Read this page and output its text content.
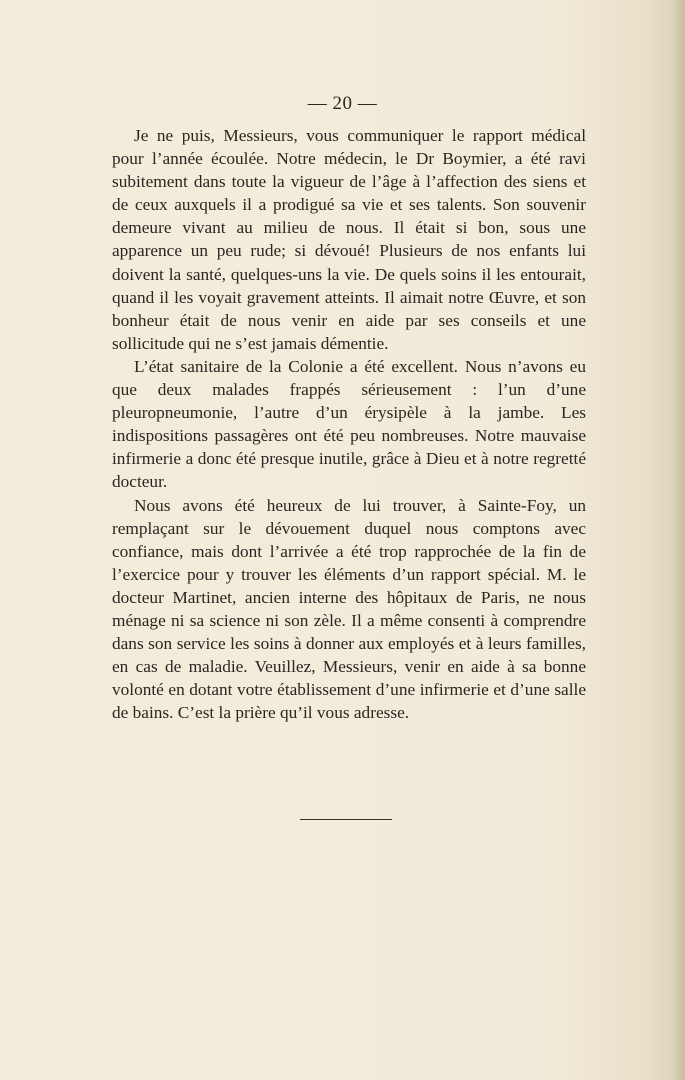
— 20 —

Je ne puis, Messieurs, vous communiquer le rapport médical pour l’année écoulée. Notre médecin, le Dr Boymier, a été ravi subitement dans toute la vigueur de l’âge à l’affection des siens et de ceux auxquels il a prodigué sa vie et ses talents. Son souvenir demeure vivant au milieu de nous. Il était si bon, sous une apparence un peu rude; si dévoué! Plusieurs de nos enfants lui doivent la santé, quelques-uns la vie. De quels soins il les entourait, quand il les voyait gravement atteints. Il aimait notre Œuvre, et son bonheur était de nous venir en aide par ses conseils et une sollicitude qui ne s’est jamais démentie.

L’état sanitaire de la Colonie a été excellent. Nous n’avons eu que deux malades frappés sérieusement : l’un d’une pleuropneumonie, l’autre d’un érysipèle à la jambe. Les indispositions passagères ont été peu nombreuses. Notre mauvaise infirmerie a donc été presque inutile, grâce à Dieu et à notre regretté docteur.

Nous avons été heureux de lui trouver, à Sainte-Foy, un remplaçant sur le dévouement duquel nous comptons avec confiance, mais dont l’arrivée a été trop rapprochée de la fin de l’exercice pour y trouver les éléments d’un rapport spécial. M. le docteur Martinet, ancien interne des hôpitaux de Paris, ne nous ménage ni sa science ni son zèle. Il a même consenti à comprendre dans son service les soins à donner aux employés et à leurs familles, en cas de maladie. Veuillez, Messieurs, venir en aide à sa bonne volonté en dotant votre établissement d’une infirmerie et d’une salle de bains. C’est la prière qu’il vous adresse.
